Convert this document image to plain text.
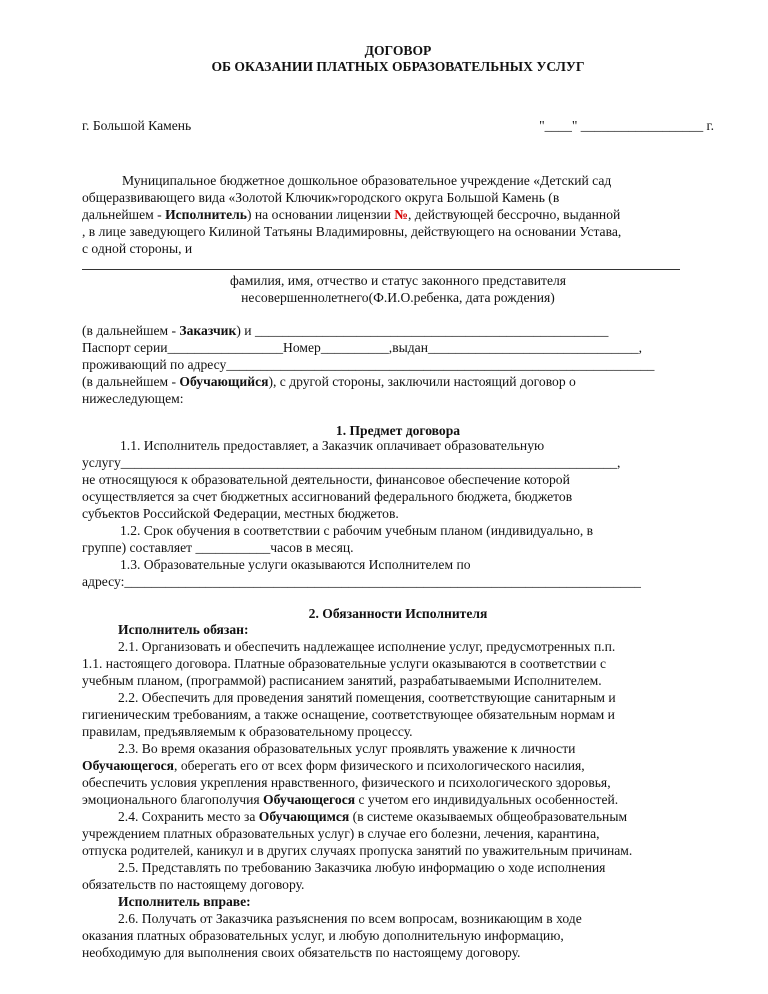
ДОГОВОР
ОБ ОКАЗАНИИ ПЛАТНЫХ ОБРАЗОВАТЕЛЬНЫХ УСЛУГ
г. Большой Камень	"____" __________________ г.
Муниципальное бюджетное дошкольное образовательное учреждение «Детский сад
общеразвивающего вида «Золотой Ключик»городского округа Большой Камень (в
дальнейшем - Исполнитель) на основании лицензии №, действующей бессрочно, выданной
, в лице заведующего Килиной Татьяны Владимировны, действующего на основании Устава,
с одной стороны, и
фамилия, имя, отчество и статус законного представителя
несовершеннолетнего(Ф.И.О.ребенка, дата рождения)
(в дальнейшем - Заказчик) и ____________________________________________________
Паспорт серии_________________Номер__________,выдан_______________________________,
проживающий по адресу_______________________________________________________________
(в дальнейшем - Обучающийся), с другой стороны, заключили настоящий договор о
нижеследующем:
1. Предмет договора
1.1. Исполнитель предоставляет, а Заказчик оплачивает образовательную
услугу_________________________________________________________________________,
не относящуюся к образовательной деятельности, финансовое обеспечение которой
осуществляется за счет бюджетных ассигнований федерального бюджета, бюджетов
субъектов Российской Федерации, местных бюджетов.
1.2. Срок обучения в соответствии с рабочим учебным планом (индивидуально, в
группе) составляет ___________часов в месяц.
1.3. Образовательные услуги оказываются Исполнителем по
адресу:____________________________________________________________________________
2. Обязанности Исполнителя
Исполнитель обязан:
2.1. Организовать и обеспечить надлежащее исполнение услуг, предусмотренных п.п.
1.1. настоящего договора. Платные образовательные услуги оказываются в соответствии с
учебным планом, (программой) расписанием занятий, разрабатываемыми Исполнителем.
2.2. Обеспечить для проведения занятий помещения, соответствующие санитарным и
гигиеническим требованиям, а также оснащение, соответствующее обязательным нормам и
правилам, предъявляемым к образовательному процессу.
2.3. Во время оказания образовательных услуг проявлять уважение к личности
Обучающегося, оберегать его от всех форм физического и психологического насилия,
обеспечить условия укрепления нравственного, физического и психологического здоровья,
эмоционального благополучия Обучающегося с учетом его индивидуальных особенностей.
2.4. Сохранить место за Обучающимся (в системе оказываемых общеобразовательным
учреждением платных образовательных услуг) в случае его болезни, лечения, карантина,
отпуска родителей, каникул и в других случаях пропуска занятий по уважительным причинам.
2.5. Представлять по требованию Заказчика любую информацию о ходе исполнения
обязательств по настоящему договору.
Исполнитель вправе:
2.6. Получать от Заказчика разъяснения по всем вопросам, возникающим в ходе
оказания платных образовательных услуг, и любую дополнительную информацию,
необходимую для выполнения своих обязательств по настоящему договору.
